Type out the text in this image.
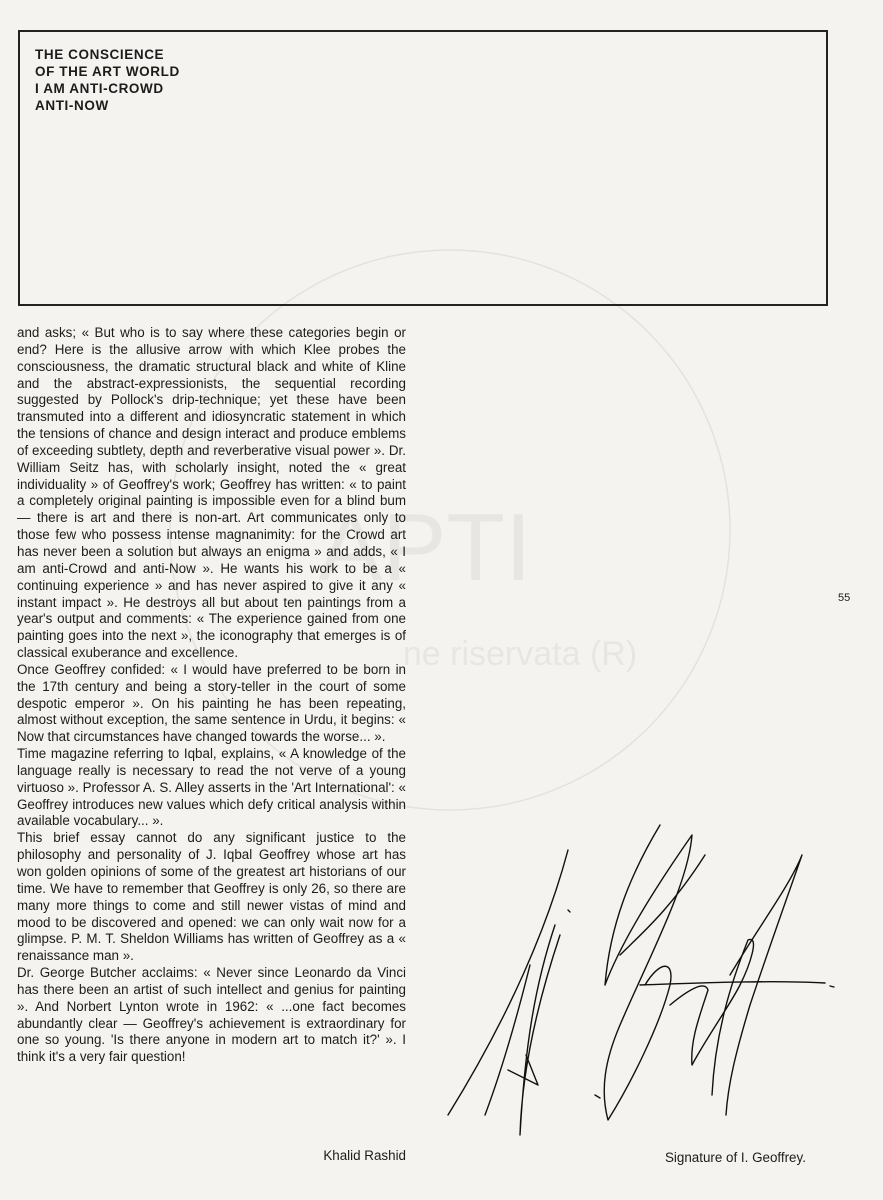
APTI
ne riservata (R)
THE CONSCIENCE
OF THE ART WORLD
I AM ANTI-CROWD
ANTI-NOW

and asks; « But who is to say where these categories begin or end? Here is the allusive arrow with which Klee probes the consciousness, the dramatic structural black and white of Kline and the abstract-expressionists, the sequential recording suggested by Pollock's drip-technique; yet these have been transmuted into a different and idiosyncratic statement in which the tensions of chance and design interact and produce emblems of exceeding subtlety, depth and reverberative visual power ». Dr. William Seitz has, with scholarly insight, noted the « great individuality » of Geoffrey's work; Geoffrey has written: « to paint a completely original painting is impossible even for a blind bum — there is art and there is non-art. Art communicates only to those few who possess intense magnanimity: for the Crowd art has never been a solution but always an enigma » and adds, « I am anti-Crowd and anti-Now ». He wants his work to be a « continuing experience » and has never aspired to give it any « instant impact ». He destroys all but about ten paintings from a year's output and comments: « The experience gained from one painting goes into the next », the iconography that emerges is of classical exuberance and excellence.

Once Geoffrey confided: « I would have preferred to be born in the 17th century and being a story-teller in the court of some despotic emperor ». On his painting he has been repeating, almost without exception, the same sentence in Urdu, it begins: « Now that circumstances have changed towards the worse... ».

Time magazine referring to Iqbal, explains, « A knowledge of the language really is necessary to read the not verve of a young virtuoso ». Professor A. S. Alley asserts in the 'Art International': « Geoffrey introduces new values which defy critical analysis within available vocabulary... ».

This brief essay cannot do any significant justice to the philosophy and personality of J. Iqbal Geoffrey whose art has won golden opinions of some of the greatest art historians of our time. We have to remember that Geoffrey is only 26, so there are many more things to come and still newer vistas of mind and mood to be discovered and opened: we can only wait now for a glimpse. P. M. T. Sheldon Williams has written of Geoffrey as a « renaissance man ».

Dr. George Butcher acclaims: « Never since Leonardo da Vinci has there been an artist of such intellect and genius for painting ». And Norbert Lynton wrote in 1962: « ...one fact becomes abundantly clear — Geoffrey's achievement is extraordinary for one so young. 'Is there anyone in modern art to match it?' ». I think it's a very fair question!

Khalid Rashid
55
Signature of I. Geoffrey.
